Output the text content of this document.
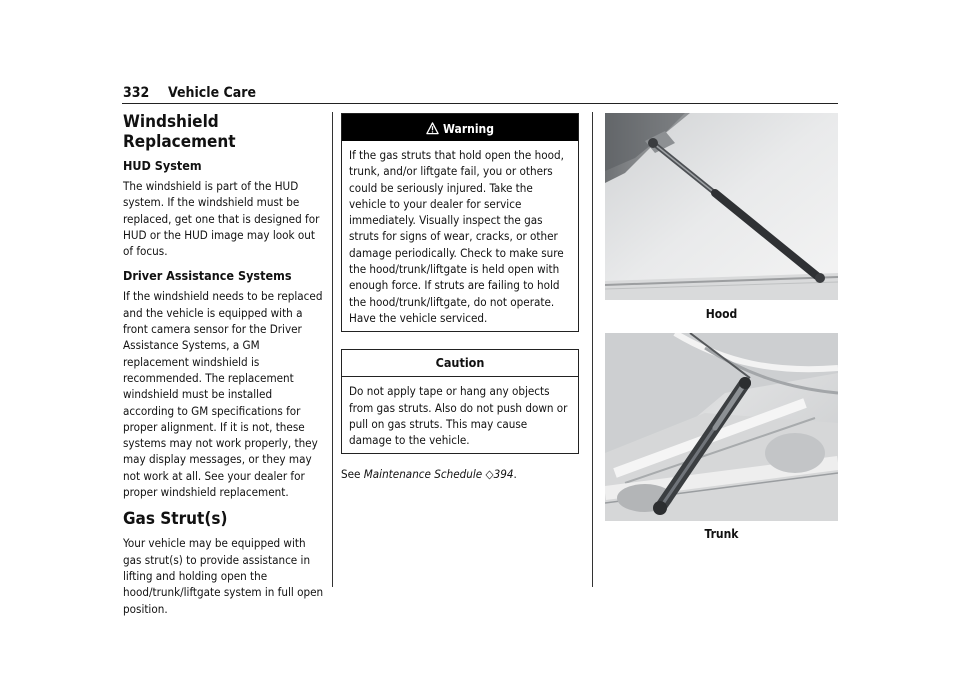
332 Vehicle Care
Windshield Replacement
HUD System

The windshield is part of the HUD system. If the windshield must be replaced, get one that is designed for HUD or the HUD image may look out of focus.

Driver Assistance Systems

If the windshield needs to be replaced and the vehicle is equipped with a front camera sensor for the Driver Assistance Systems, a GM replacement windshield is recommended. The replacement windshield must be installed according to GM specifications for proper alignment. If it is not, these systems may not work properly, they may display messages, or they may not work at all. See your dealer for proper windshield replacement.

Gas Strut(s)

Your vehicle may be equipped with gas strut(s) to provide assistance in lifting and holding open the hood/trunk/liftgate system in full open position.

Warning
If the gas struts that hold open the hood, trunk, and/or liftgate fail, you or others could be seriously injured. Take the vehicle to your dealer for service immediately. Visually inspect the gas struts for signs of wear, cracks, or other damage periodically. Check to make sure the hood/trunk/liftgate is held open with enough force. If struts are failing to hold the hood/trunk/liftgate, do not operate. Have the vehicle serviced.
Caution
Do not apply tape or hang any objects from gas struts. Also do not push down or pull on gas struts. This may cause damage to the vehicle.
See Maintenance Schedule ◇394.
Hood
Trunk
